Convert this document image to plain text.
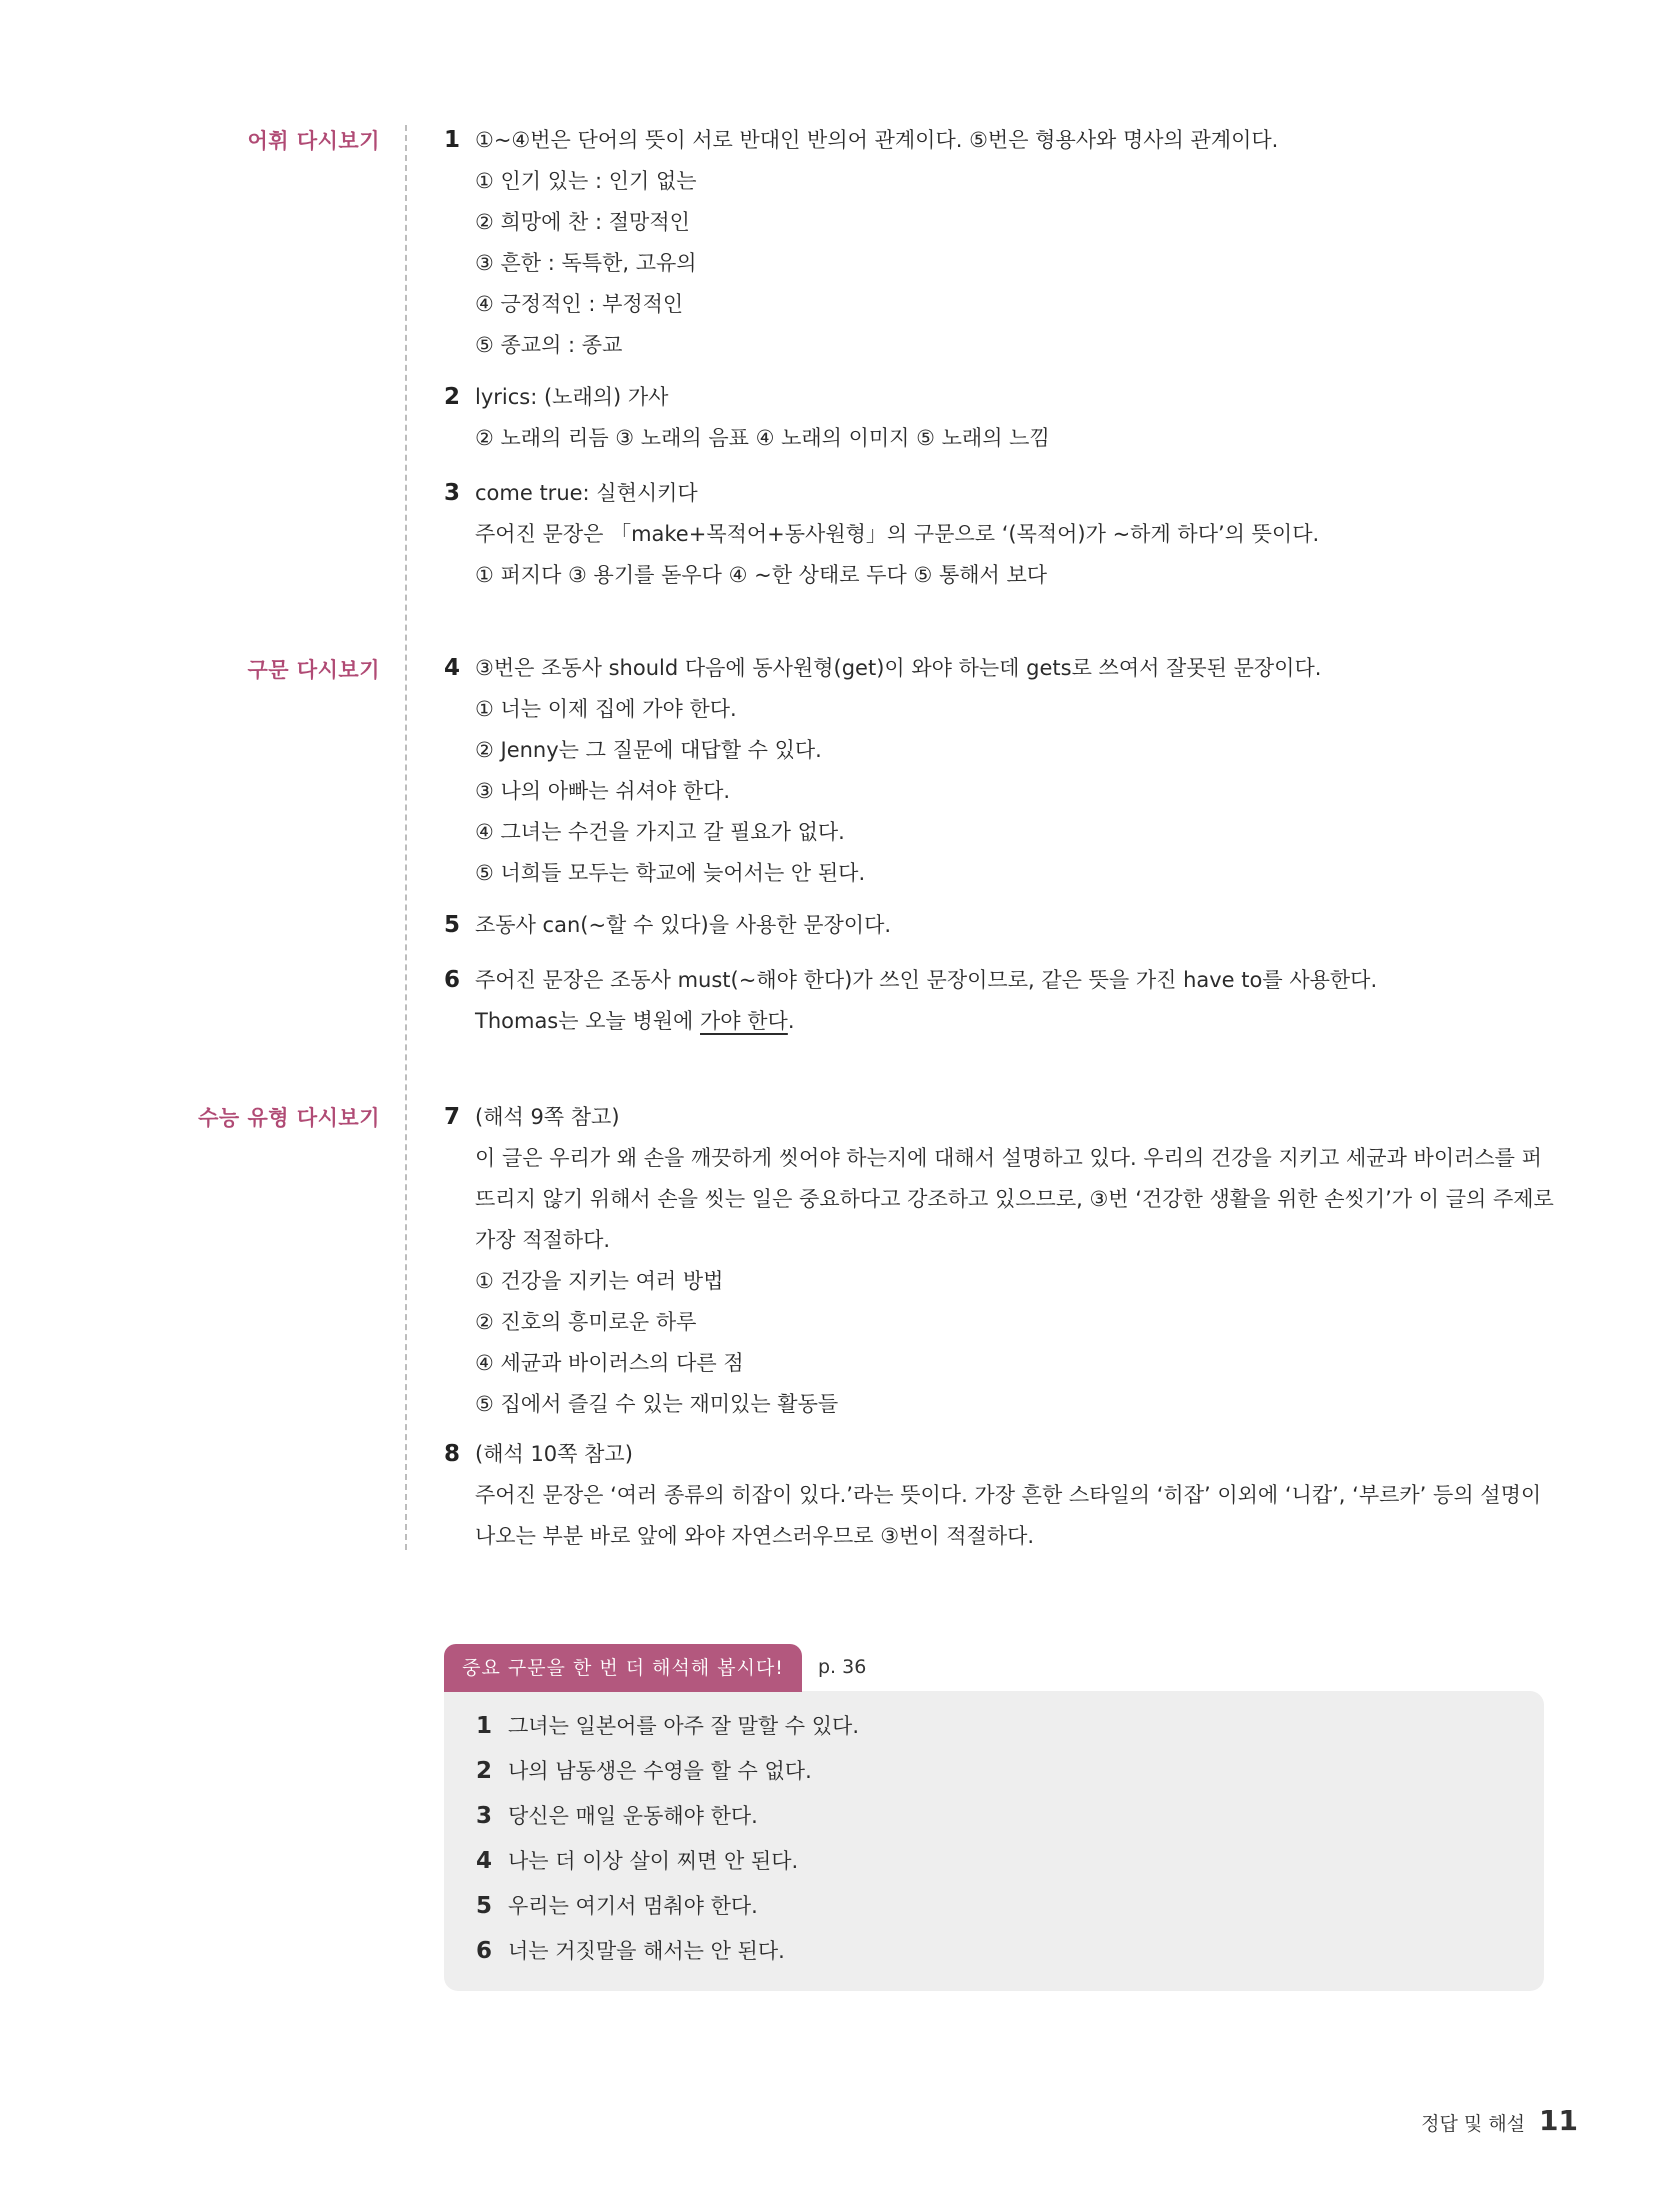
어휘 다시보기
구문 다시보기
수능 유형 다시보기
1 ①~④번은 단어의 뜻이 서로 반대인 반의어 관계이다. ⑤번은 형용사와 명사의 관계이다.
① 인기 있는 : 인기 없는
② 희망에 찬 : 절망적인
③ 흔한 : 독특한, 고유의
④ 긍정적인 : 부정적인
⑤ 종교의 : 종교
2 lyrics: (노래의) 가사
② 노래의 리듬 ③ 노래의 음표 ④ 노래의 이미지 ⑤ 노래의 느낌
3 come true: 실현시키다
주어진 문장은 「make+목적어+동사원형」의 구문으로 ‘(목적어)가 ~하게 하다’의 뜻이다.
① 퍼지다 ③ 용기를 돋우다 ④ ~한 상태로 두다 ⑤ 통해서 보다
4 ③번은 조동사 should 다음에 동사원형(get)이 와야 하는데 gets로 쓰여서 잘못된 문장이다.
① 너는 이제 집에 가야 한다.
② Jenny는 그 질문에 대답할 수 있다.
③ 나의 아빠는 쉬셔야 한다.
④ 그녀는 수건을 가지고 갈 필요가 없다.
⑤ 너희들 모두는 학교에 늦어서는 안 된다.
5 조동사 can(~할 수 있다)을 사용한 문장이다.
6 주어진 문장은 조동사 must(~해야 한다)가 쓰인 문장이므로, 같은 뜻을 가진 have to를 사용한다.
Thomas는 오늘 병원에 가야 한다.
7 (해석 9쪽 참고)
이 글은 우리가 왜 손을 깨끗하게 씻어야 하는지에 대해서 설명하고 있다. 우리의 건강을 지키고 세균과 바이러스를 퍼뜨리지 않기 위해서 손을 씻는 일은 중요하다고 강조하고 있으므로, ③번 ‘건강한 생활을 위한 손씻기’가 이 글의 주제로 가장 적절하다.
① 건강을 지키는 여러 방법
② 진호의 흥미로운 하루
④ 세균과 바이러스의 다른 점
⑤ 집에서 즐길 수 있는 재미있는 활동들
8 (해석 10쪽 참고)
주어진 문장은 ‘여러 종류의 히잡이 있다.’라는 뜻이다. 가장 흔한 스타일의 ‘히잡’ 이외에 ‘니캅’, ‘부르카’ 등의 설명이 나오는 부분 바로 앞에 와야 자연스러우므로 ③번이 적절하다.
중요 구문을 한 번 더 해석해 봅시다!	p. 36
1 그녀는 일본어를 아주 잘 말할 수 있다.
2 나의 남동생은 수영을 할 수 없다.
3 당신은 매일 운동해야 한다.
4 나는 더 이상 살이 찌면 안 된다.
5 우리는 여기서 멈춰야 한다.
6 너는 거짓말을 해서는 안 된다.
정답 및 해설 11
